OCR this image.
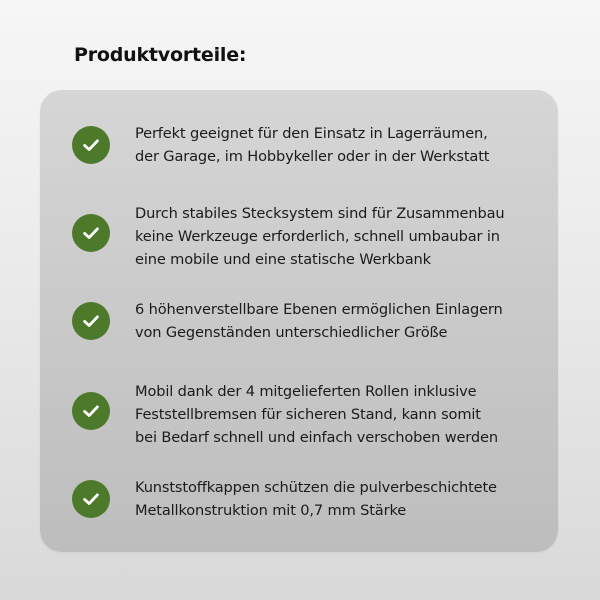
Produktvorteile:

Perfekt geeignet für den Einsatz in Lagerräumen,
der Garage, im Hobbykeller oder in der Werkstatt

Durch stabiles Stecksystem sind für Zusammenbau
keine Werkzeuge erforderlich, schnell umbaubar in
eine mobile und eine statische Werkbank

6 höhenverstellbare Ebenen ermöglichen Einlagern
von Gegenständen unterschiedlicher Größe

Mobil dank der 4 mitgelieferten Rollen inklusive
Feststellbremsen für sicheren Stand, kann somit
bei Bedarf schnell und einfach verschoben werden

Kunststoffkappen schützen die pulverbeschichtete
Metallkonstruktion mit 0,7 mm Stärke
